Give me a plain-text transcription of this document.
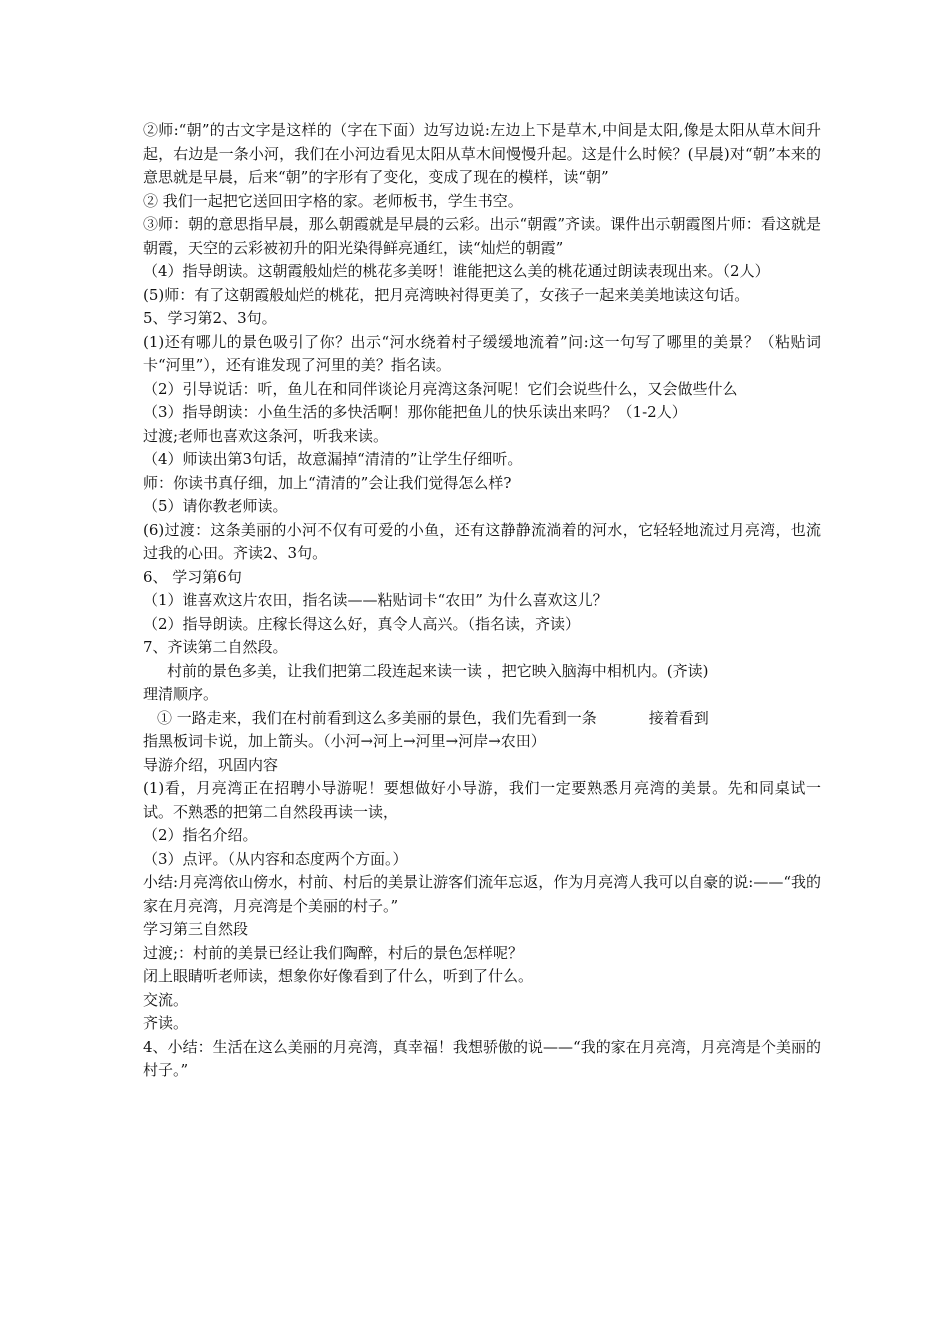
②师:“朝”的古文字是这样的（字在下面）边写边说:左边上下是草木,中间是太阳,像是太阳从草木间升起，右边是一条小河，我们在小河边看见太阳从草木间慢慢升起。这是什么时候？(早晨)对“朝”本来的意思就是早晨，后来“朝”的字形有了变化，变成了现在的模样，读“朝”

② 我们一起把它送回田字格的家。老师板书，学生书空。

③师：朝的意思指早晨，那么朝霞就是早晨的云彩。出示“朝霞”齐读。课件出示朝霞图片师：看这就是朝霞，天空的云彩被初升的阳光染得鲜亮通红，读“灿烂的朝霞”

（4）指导朗读。这朝霞般灿烂的桃花多美呀！谁能把这么美的桃花通过朗读表现出来。（2人）

(5)师：有了这朝霞般灿烂的桃花，把月亮湾映衬得更美了，女孩子一起来美美地读这句话。

5、学习第2、3句。

(1)还有哪儿的景色吸引了你？出示“河水绕着村子缓缓地流着”问:这一句写了哪里的美景？（粘贴词卡“河里”），还有谁发现了河里的美？指名读。

（2）引导说话：听，鱼儿在和同伴谈论月亮湾这条河呢！它们会说些什么，又会做些什么

（3）指导朗读：小鱼生活的多快活啊！那你能把鱼儿的快乐读出来吗？（1-2人）

过渡;老师也喜欢这条河，听我来读。

（4）师读出第3句话，故意漏掉“清清的”让学生仔细听。

师：你读书真仔细，加上“清清的”会让我们觉得怎么样?

（5）请你教老师读。

(6)过渡：这条美丽的小河不仅有可爱的小鱼，还有这静静流淌着的河水，它轻轻地流过月亮湾，也流过我的心田。齐读2、3句。

6、 学习第6句

（1）谁喜欢这片农田，指名读——粘贴词卡“农田” 为什么喜欢这儿？

（2）指导朗读。庄稼长得这么好，真令人高兴。（指名读，齐读）

7、齐读第二自然段。

村前的景色多美，让我们把第二段连起来读一读 ，把它映入脑海中相机内。(齐读)

理清顺序。

① 一路走来，我们在村前看到这么多美丽的景色，我们先看到一条	接着看到

指黑板词卡说，加上箭头。（小河→河上→河里→河岸→农田）

导游介绍，巩固内容

(1)看，月亮湾正在招聘小导游呢！要想做好小导游，我们一定要熟悉月亮湾的美景。先和同桌试一试。不熟悉的把第二自然段再读一读，

（2）指名介绍。

（3）点评。（从内容和态度两个方面。）

小结:月亮湾依山傍水，村前、村后的美景让游客们流年忘返，作为月亮湾人我可以自豪的说:——“我的家在月亮湾，月亮湾是个美丽的村子。”

学习第三自然段

过渡;：村前的美景已经让我们陶醉，村后的景色怎样呢？

闭上眼睛听老师读，想象你好像看到了什么，听到了什么。

交流。

齐读。

4、小结：生活在这么美丽的月亮湾，真幸福！我想骄傲的说——“我的家在月亮湾，月亮湾是个美丽的村子。”
